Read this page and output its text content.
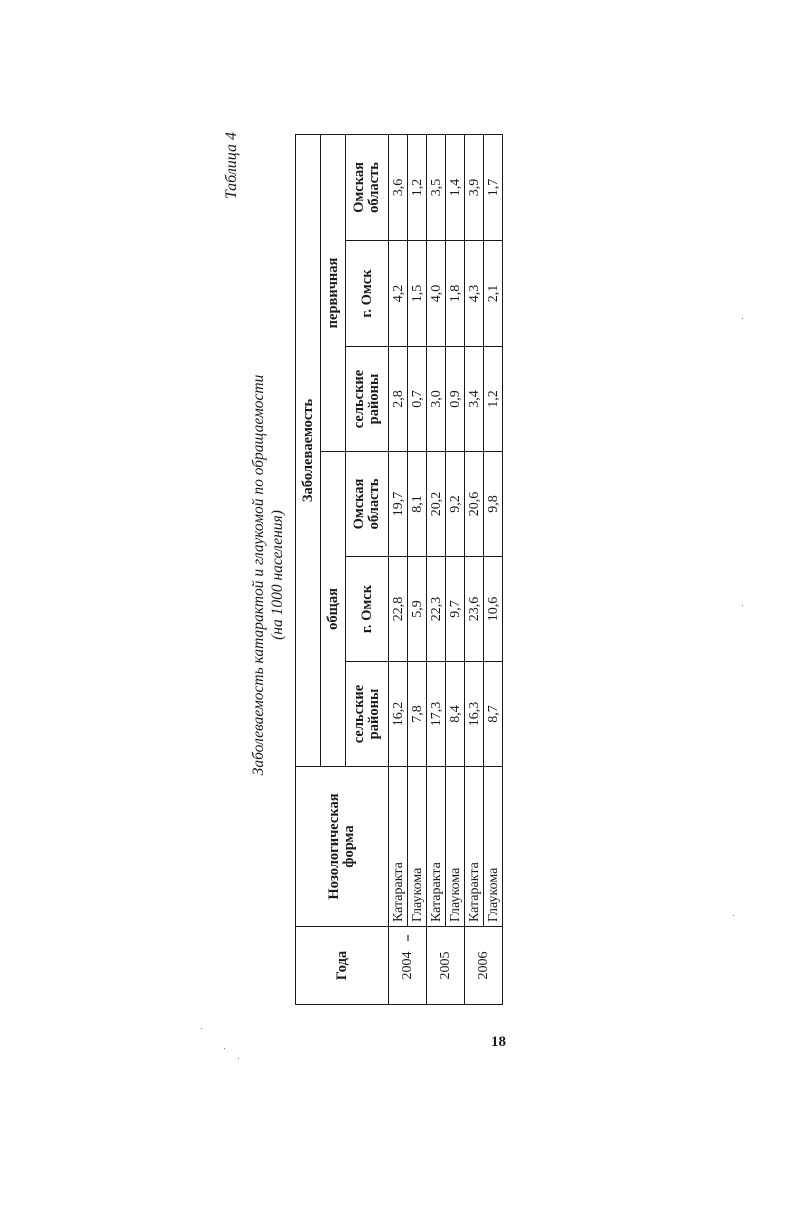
Таблица 4
Заболеваемость катарактой и глаукомой по обращаемости (на 1000 населения)
Года	Нозологическая форма	Заболеваемость					
		общая			первичная		
		сельские районы	г. Омск	Омская область	сельские районы	г. Омск	Омская область
2004	Катаракта	16,2	22,8	19,7	2,8	4,2	3,6
	Глаукома	7,8	5,9	8,1	0,7	1,5	1,2
2005	Катаракта	17,3	22,3	20,2	3,0	4,0	3,5
	Глаукома	8,4	9,7	9,2	0,9	1,8	1,4
2006	Катаракта	16,3	23,6	20,6	3,4	4,3	3,9
	Глаукома	8,7	10,6	9,8	1,2	2,1	1,7
18
